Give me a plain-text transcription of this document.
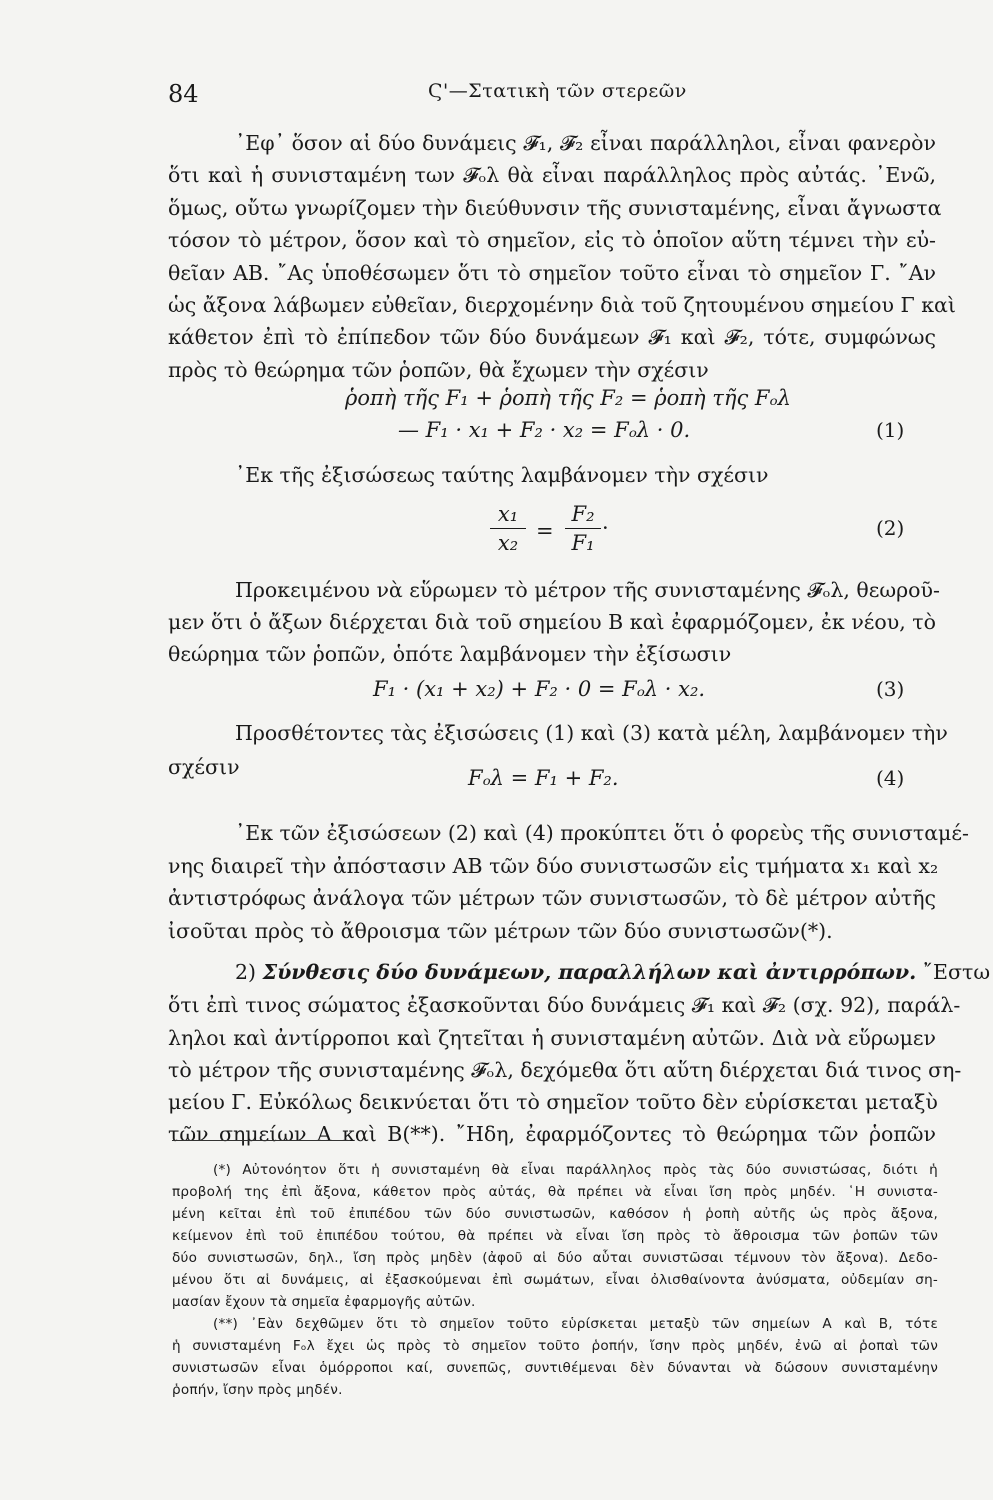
84	Ϛ'—Στατικὴ τῶν στερεῶν
᾿Εφ᾿ ὅσον αἱ δύο δυνάμεις 𝓕₁, 𝓕₂ εἶναι παράλληλοι, εἶναι φανερὸν
ὅτι καὶ ἡ συνισταμένη των 𝓕ₒλ θὰ εἶναι παράλληλος πρὸς αὐτάς. ᾿Ενῶ,
ὅμως, οὔτω γνωρίζομεν τὴν διεύθυνσιν τῆς συνισταμένης, εἶναι ἄγνωστα
τόσον τὸ μέτρον, ὅσον καὶ τὸ σημεῖον, εἰς τὸ ὁποῖον αὕτη τέμνει τὴν εὐ-
θεῖαν AB. ῎Ας ὑποθέσωμεν ὅτι τὸ σημεῖον τοῦτο εἶναι τὸ σημεῖον Γ. ῎Αν
ὡς ἄξονα λάβωμεν εὐθεῖαν, διερχομένην διὰ τοῦ ζητουμένου σημείου Γ καὶ
κάθετον ἐπὶ τὸ ἐπίπεδον τῶν δύο δυνάμεων 𝓕₁ καὶ 𝓕₂, τότε, συμφώνως
πρὸς τὸ θεώρημα τῶν ῥοπῶν, θὰ ἔχωμεν τὴν σχέσιν
ῥοπὴ τῆς F₁ + ῥοπὴ τῆς F₂ = ῥοπὴ τῆς Fₒλ
— F₁ · x₁ + F₂ · x₂ = Fₒλ · 0.	(1)
᾿Εκ τῆς ἐξισώσεως ταύτης λαμβάνομεν τὴν σχέσιν
x₁
x₂ =
F₂
F₁
·	(2)
Προκειμένου νὰ εὕρωμεν τὸ μέτρον τῆς συνισταμένης 𝓕ₒλ, θεωροῦ-
μεν ὅτι ὁ ἄξων διέρχεται διὰ τοῦ σημείου B καὶ ἐφαρμόζομεν, ἐκ νέου, τὸ
θεώρημα τῶν ῥοπῶν, ὁπότε λαμβάνομεν τὴν ἐξίσωσιν
F₁ · (x₁ + x₂) + F₂ · 0 = Fₒλ · x₂.	(3)
Προσθέτοντες τὰς ἐξισώσεις (1) καὶ (3) κατὰ μέλη, λαμβάνομεν τὴν
σχέσιν	Fₒλ = F₁ + F₂.	(4)
᾿Εκ τῶν ἐξισώσεων (2) καὶ (4) προκύπτει ὅτι ὁ φορεὺς τῆς συνισταμέ-
νης διαιρεῖ τὴν ἀπόστασιν AB τῶν δύο συνιστωσῶν εἰς τμήματα x₁ καὶ x₂
ἀντιστρόφως ἀνάλογα τῶν μέτρων τῶν συνιστωσῶν, τὸ δὲ μέτρον αὐτῆς
ἰσοῦται πρὸς τὸ ἄθροισμα τῶν μέτρων τῶν δύο συνιστωσῶν(*).
2) Σύνθεσις δύο δυνάμεων, παραλλήλων καὶ ἀντιρρόπων. ῎Εστω
ὅτι ἐπὶ τινος σώματος ἐξασκοῦνται δύο δυνάμεις 𝓕₁ καὶ 𝓕₂ (σχ. 92), παράλ-
ληλοι καὶ ἀντίρροποι καὶ ζητεῖται ἡ συνισταμένη αὐτῶν. Διὰ νὰ εὕρωμεν
τὸ μέτρον τῆς συνισταμένης 𝓕ₒλ, δεχόμεθα ὅτι αὕτη διέρχεται διά τινος ση-
μείου Γ. Εὐκόλως δεικνύεται ὅτι τὸ σημεῖον τοῦτο δὲν εὑρίσκεται μεταξὺ
τῶν σημείων A καὶ B(**). ῎Ηδη, ἐφαρμόζοντες τὸ θεώρημα τῶν ῥοπῶν
(*) Αὐτονόητον ὅτι ἡ συνισταμένη θὰ εἶναι παράλληλος πρὸς τὰς δύο συνιστώσας, διότι ἡ
προβολή της ἐπὶ ἄξονα, κάθετον πρὸς αὐτάς, θὰ πρέπει νὰ εἶναι ἴση πρὸς μηδέν. ῾Η συνιστα-
μένη κεῖται ἐπὶ τοῦ ἐπιπέδου τῶν δύο συνιστωσῶν, καθόσον ἡ ῥοπὴ αὐτῆς ὡς πρὸς ἄξονα,
κείμενον ἐπὶ τοῦ ἐπιπέδου τούτου, θὰ πρέπει νὰ εἶναι ἴση πρὸς τὸ ἄθροισμα τῶν ῥοπῶν τῶν
δύο συνιστωσῶν, δηλ., ἴση πρὸς μηδὲν (ἀφοῦ αἱ δύο αὗται συνιστῶσαι τέμνουν τὸν ἄξονα). Δεδο-
μένου ὅτι αἱ δυνάμεις, αἱ ἐξασκούμεναι ἐπὶ σωμάτων, εἶναι ὀλισθαίνοντα ἀνύσματα, οὐδεμίαν ση-
μασίαν ἔχουν τὰ σημεῖα ἐφαρμογῆς αὐτῶν.
(**) ᾿Εὰν δεχθῶμεν ὅτι τὸ σημεῖον τοῦτο εὑρίσκεται μεταξὺ τῶν σημείων A καὶ B, τότε
ἡ συνισταμένη Fₒλ ἔχει ὡς πρὸς τὸ σημεῖον τοῦτο ῥοπήν, ἴσην πρὸς μηδέν, ἐνῶ αἱ ῥοπαὶ τῶν
συνιστωσῶν εἶναι ὁμόρροποι καί, συνεπῶς, συντιθέμεναι δὲν δύνανται νὰ δώσουν συνισταμένην
ῥοπήν, ἴσην πρὸς μηδέν.
